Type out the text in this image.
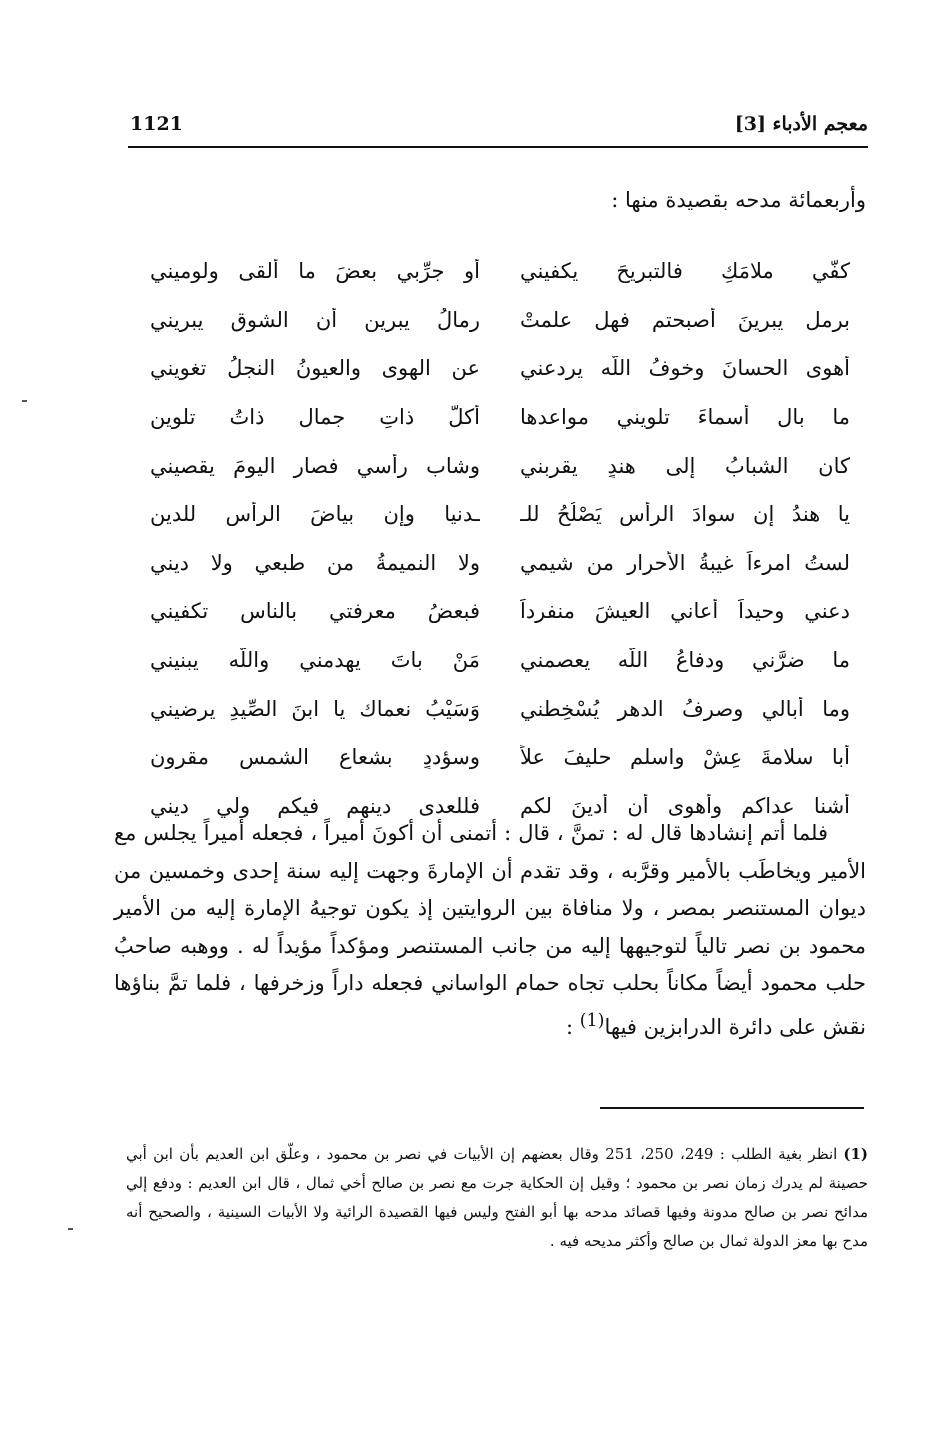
1121	معجم الأدباء [3]
وأربعمائة مدحه بقصيدة منها :
كفّي ملامَكِ فالتبريحَ يكفيني
أو جرِّبي بعضَ ما ألقى ولوميني
برملِ يبرينَ أصبحتم فهل علمتْ
رمالُ يبرين أن الشوق يبريني
أهوى الحسانَ وخوفُ اللّه يردعني
عن الهوى والعيونُ النجلُ تغويني
ما بال أسماءَ تلويني مواعدها
أكلُّ ذاتِ جمالٍ ذاتُ تلوينِ
كان الشبابُ إلى هندٍ يقربني
وشاب رأسي فصار اليومَ يقصيني
يا هندُ إن سوادَ الرأسِ يَصْلُحُ للـ
ـدنيا وإن بياضَ الرأسِ للدينِ
لستُ امرءاً غيبةُ الأحرارِ من شيمي
ولا النميمةُ من طبعي ولا ديني
دعني وحيداً أعاني العيشَ منفرداً
فبعضُ معرفتي بالناسِ تكفيني
ما ضرَّني ودفاعُ اللّه يعصمني
مَنْ باتَ يهدمني واللّه يبنيني
وما أبالي وصرفُ الدهر يُسْخِطني
وَسَيْبُ نعماك يا ابنَ الصِّيدِ يرضيني
أبا سلامةَ عِشْ واسلم حليفَ علاً
وسؤددٍ بشعاع الشمس مقرونِ
أشنا عداكم وأهوى أن أدينَ لكم
فللعدى دينهم فيكم ولي ديني
فلما أتم إنشادها قال له : تمنَّ ، قال : أتمنى أن أكونَ أميراً ، فجعله أميراً يجلس مع الأمير ويخاطَب بالأمير وقرَّبه ، وقد تقدم أن الإمارةَ وجهت إليه سنة إحدى وخمسين من ديوان المستنصر بمصر ، ولا منافاة بين الروايتين إذ يكون توجيهُ الإمارة إليه من الأمير محمود بن نصر تالياً لتوجيهها إليه من جانب المستنصر ومؤكداً مؤيداً له . ووهبه صاحبُ حلب محمود أيضاً مكاناً بحلب تجاه حمام الواساني فجعله داراً وزخرفها ، فلما تمَّ بناؤها نقش على دائرة الدرابزين فيها$^{(1)}$ :
(1)انظر بغية الطلب : 249، 250، 251 وقال بعضهم إن الأبيات في نصر بن محمود ، وعلّق ابن العديم بأن ابن أبي حصينة لم يدرك زمان نصر بن محمود ؛ وقيل إن الحكاية جرت مع نصر بن صالح أخي ثمال ، قال ابن العديم : ودفع إلي مدائح نصر بن صالح مدونة وفيها قصائد مدحه بها أبو الفتح وليس فيها القصيدة الرائية ولا الأبيات السينية ، والصحيح أنه مدح بها معز الدولة ثمال بن صالح وأكثر مديحه فيه .
